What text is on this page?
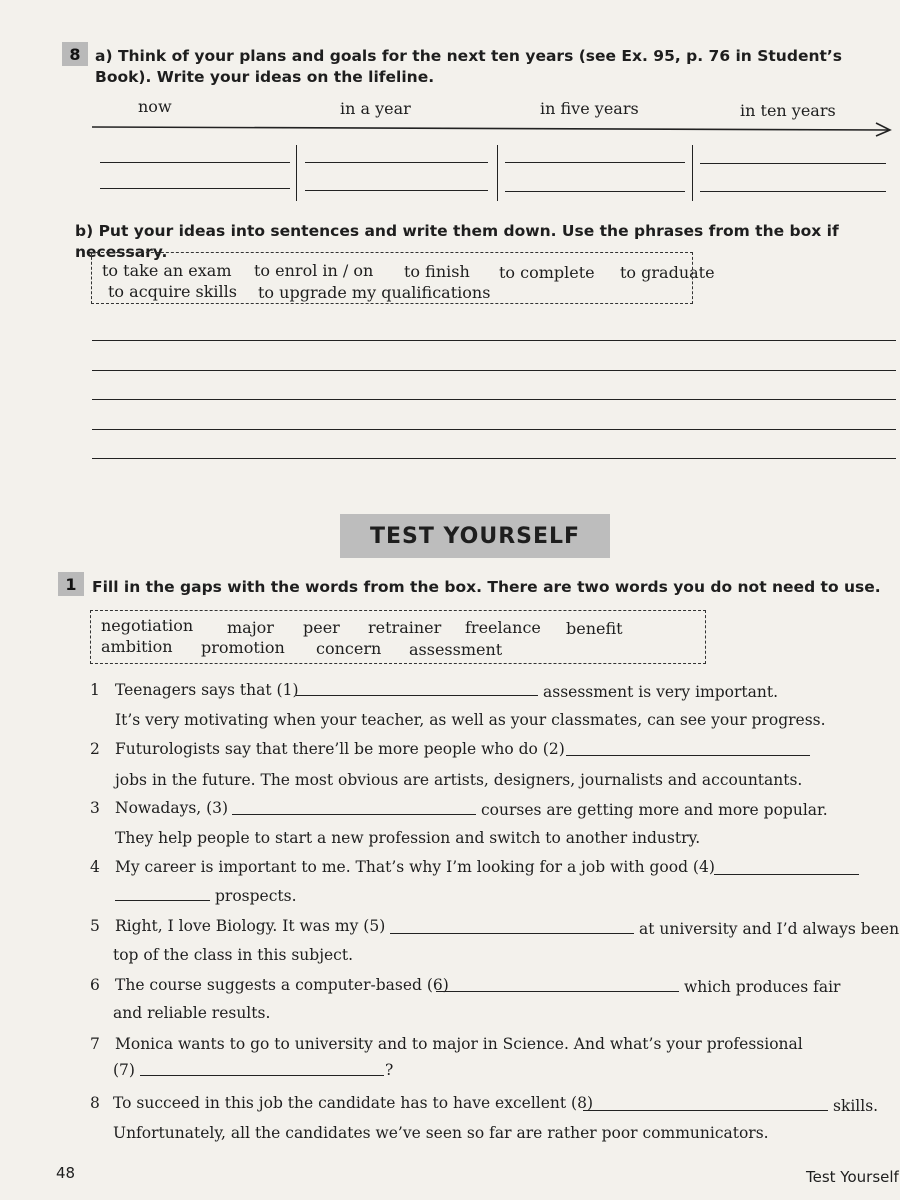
8 a) Think of your plans and goals for the next ten years (see Ex. 95, p. 76 in Student’s Book). Write your ideas on the lifeline.
now	in a year	in five years	in ten years
b) Put your ideas into sentences and write them down. Use the phrases from the box if necessary.
to take an exam to enrol in / on to finish to complete to graduate
to acquire skills to upgrade my qualifications
TEST YOURSELF
1 Fill in the gaps with the words from the box. There are two words you do not need to use.
negotiation major peer retrainer freelance benefit
ambition promotion concern assessment
1 Teenagers says that (1)	assessment is very important.
It’s very motivating when your teacher, as well as your classmates, can see your progress.
2 Futurologists say that there’ll be more people who do (2)
jobs in the future. The most obvious are artists, designers, journalists and accountants.
3 Nowadays, (3)	courses are getting more and more popular.
They help people to start a new profession and switch to another industry.
4 My career is important to me. That’s why I’m looking for a job with good (4)
prospects.
5 Right, I love Biology. It was my (5)	at university and I’d always been
top of the class in this subject.
6 The course suggests a computer-based (6)	which produces fair
and reliable results.
7 Monica wants to go to university and to major in Science. And what’s your professional
(7)	?
8 To succeed in this job the candidate has to have excellent (8)	skills.
Unfortunately, all the candidates we’ve seen so far are rather poor communicators.
48	Test Yourself
